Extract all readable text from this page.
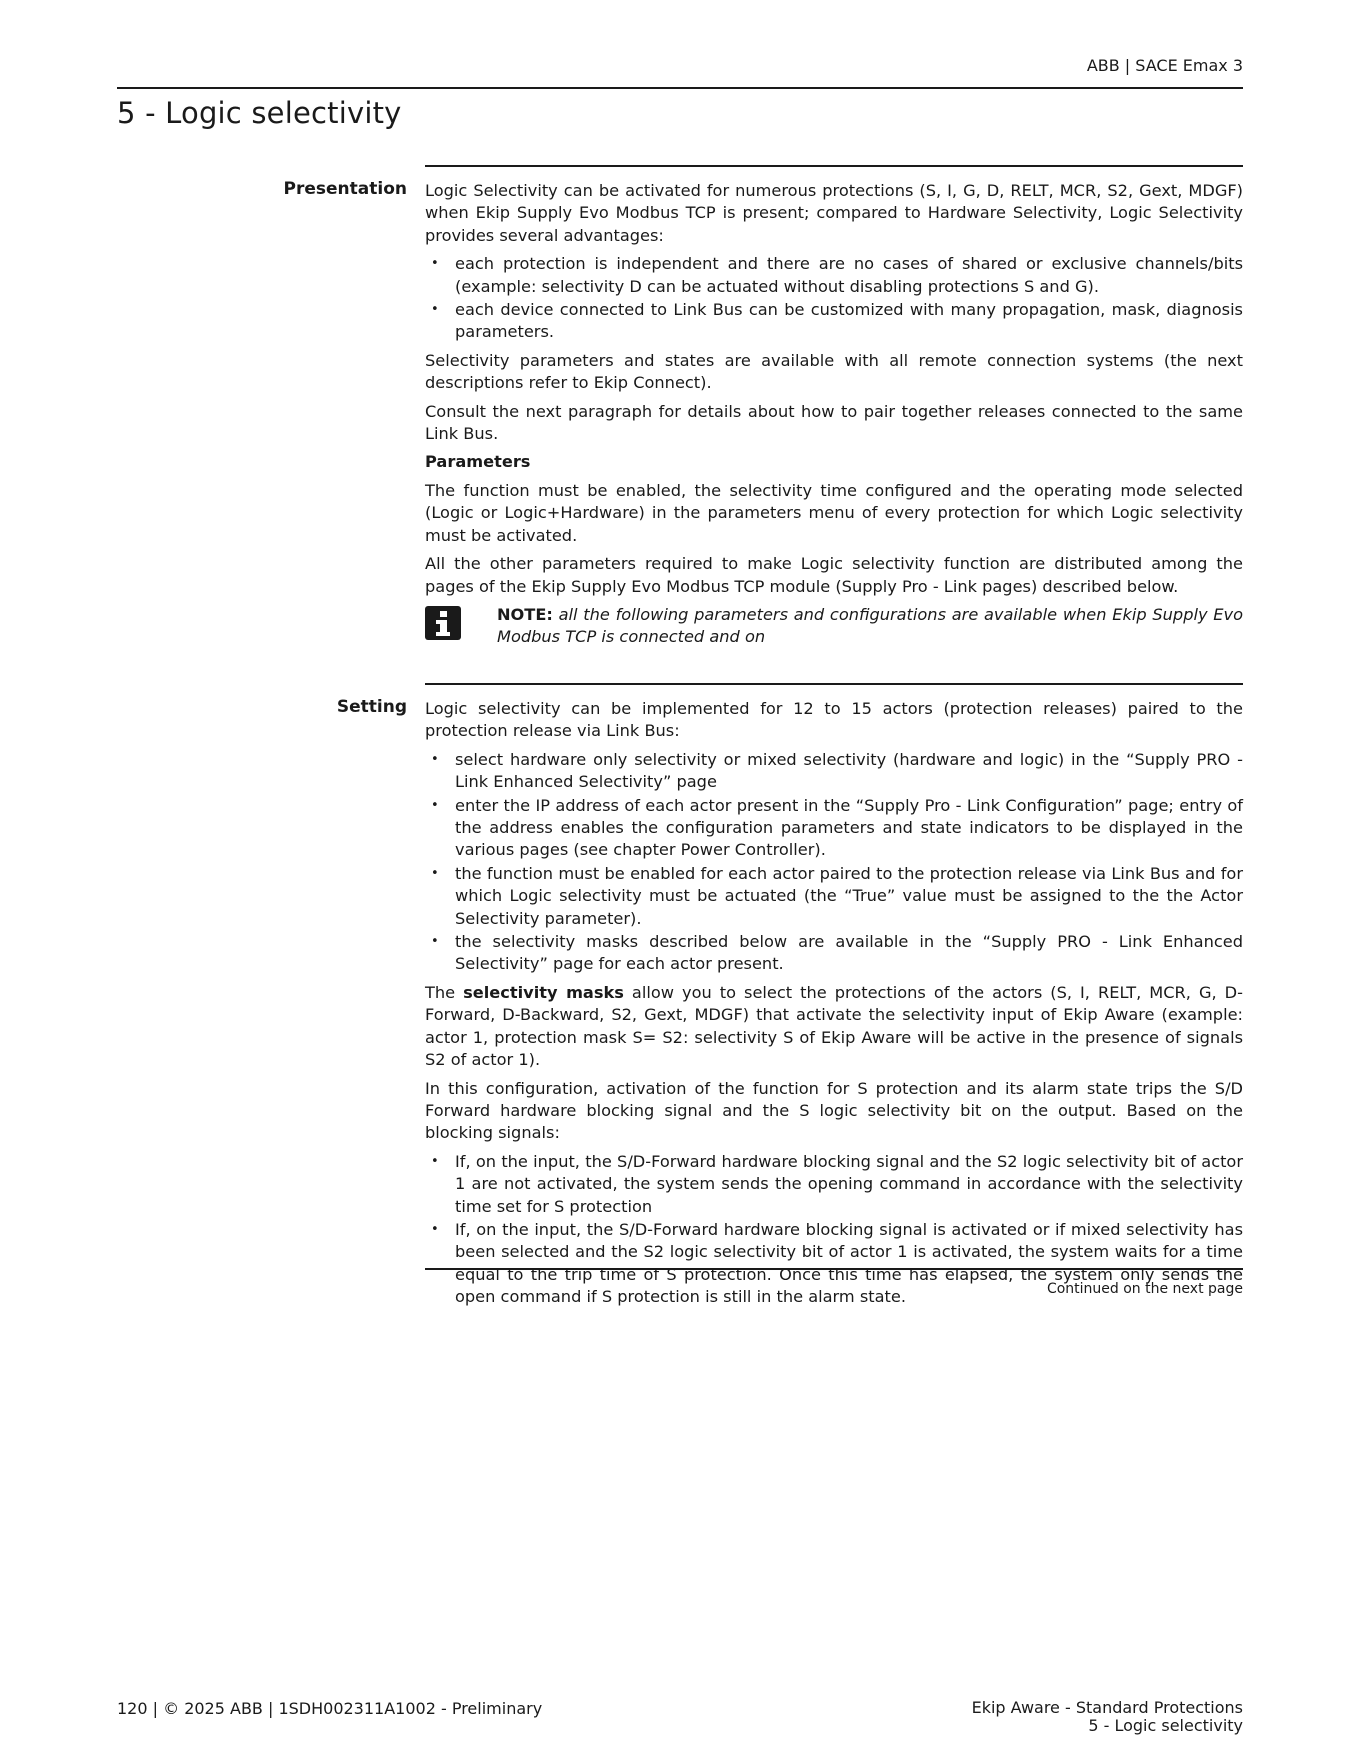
ABB | SACE Emax 3
5 - Logic selectivity
Presentation Logic Selectivity can be activated for numerous protections (S, I, G, D, RELT, MCR, S2, Gext, MDGF) when Ekip Supply Evo Modbus TCP is present; compared to Hardware Selectivity, Logic Selectivity provides several advantages:

• each protection is independent and there are no cases of shared or exclusive channels/bits (example: selectivity D can be actuated without disabling protections S and G).
• each device connected to Link Bus can be customized with many propagation, mask, diagnosis parameters.

Selectivity parameters and states are available with all remote connection systems (the next descriptions refer to Ekip Connect).

Consult the next paragraph for details about how to pair together releases connected to the same Link Bus.

Parameters

The function must be enabled, the selectivity time configured and the operating mode selected (Logic or Logic+Hardware) in the parameters menu of every protection for which Logic selectivity must be activated.

All the other parameters required to make Logic selectivity function are distributed among the pages of the Ekip Supply Evo Modbus TCP module (Supply Pro - Link pages) described below.

NOTE: all the following parameters and configurations are available when Ekip Supply Evo Modbus TCP is connected and on
Setting Logic selectivity can be implemented for 12 to 15 actors (protection releases) paired to the protection release via Link Bus:

• select hardware only selectivity or mixed selectivity (hardware and logic) in the “Supply PRO - Link Enhanced Selectivity” page
• enter the IP address of each actor present in the “Supply Pro - Link Configuration” page; entry of the address enables the configuration parameters and state indicators to be displayed in the various pages (see chapter Power Controller).
• the function must be enabled for each actor paired to the protection release via Link Bus and for which Logic selectivity must be actuated (the “True” value must be assigned to the the Actor Selectivity parameter).
• the selectivity masks described below are available in the “Supply PRO - Link Enhanced Selectivity” page for each actor present.

The selectivity masks allow you to select the protections of the actors (S, I, RELT, MCR, G, D-Forward, D-Backward, S2, Gext, MDGF) that activate the selectivity input of Ekip Aware (example: actor 1, protection mask S= S2: selectivity S of Ekip Aware will be active in the presence of signals S2 of actor 1).

In this configuration, activation of the function for S protection and its alarm state trips the S/D Forward hardware blocking signal and the S logic selectivity bit on the output. Based on the blocking signals:

• If, on the input, the S/D-Forward hardware blocking signal and the S2 logic selectivity bit of actor 1 are not activated, the system sends the opening command in accordance with the selectivity time set for S protection
• If, on the input, the S/D-Forward hardware blocking signal is activated or if mixed selectivity has been selected and the S2 logic selectivity bit of actor 1 is activated, the system waits for a time equal to the trip time of S protection. Once this time has elapsed, the system only sends the open command if S protection is still in the alarm state.	Continued on the next page
120 | © 2025 ABB | 1SDH002311A1002 - Preliminary	Ekip Aware - Standard Protections
5 - Logic selectivity
